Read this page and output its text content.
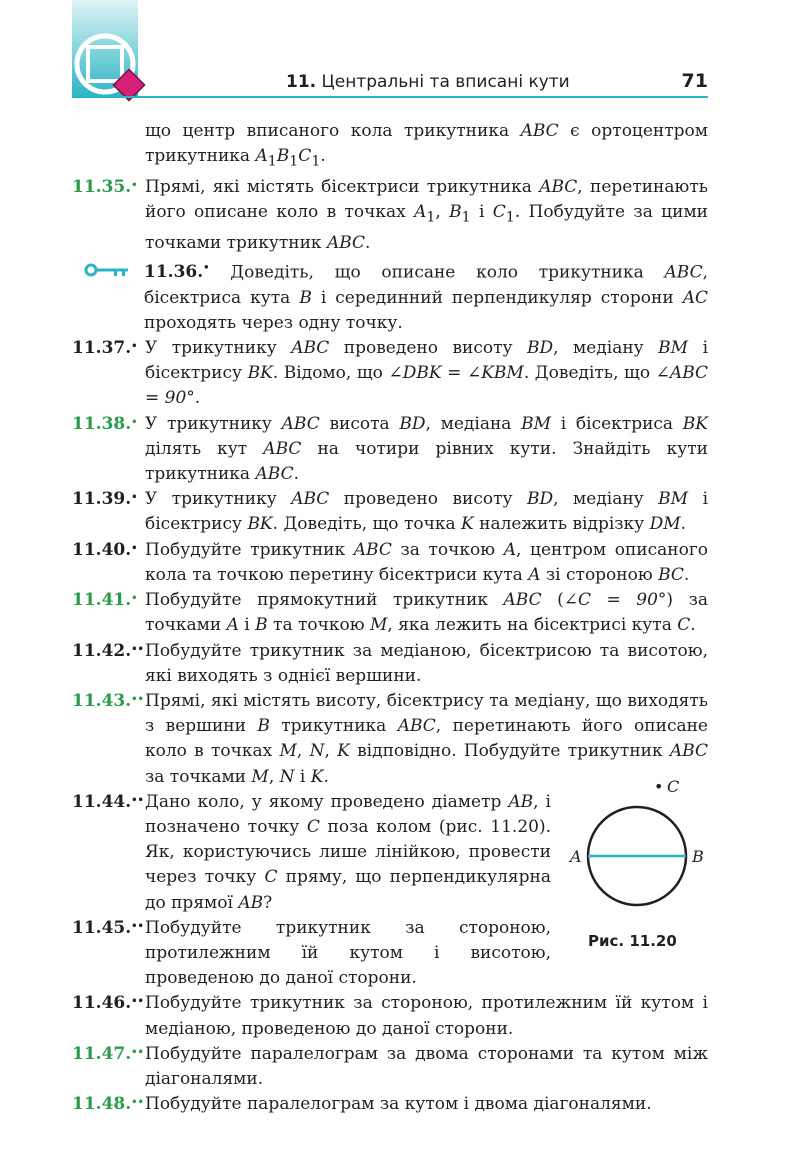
11. Центральні та вписані кути	71

що центр вписаного кола трикутника ABC є ортоцентром трикутника $A_1B_1C_1$.

11.35.• Прямі, які містять бісектриси трикутника ABC, перетинають його описане коло в точках $A_1$, $B_1$ і $C_1$. Побудуйте за цими точками трикутник ABC.

11.36.• Доведіть, що описане коло трикутника ABC, бісектриса кута B і серединний перпендикуляр сторони AC проходять через одну точку.

11.37.• У трикутнику ABC проведено висоту BD, медіану BM і бісектрису BK. Відомо, що ∠DBK = ∠KBM. Доведіть, що ∠ABC = 90°.

11.38.• У трикутнику ABC висота BD, медіана BM і бісектриса BK ділять кут ABC на чотири рівних кути. Знайдіть кути трикутника ABC.

11.39.• У трикутнику ABC проведено висоту BD, медіану BM і бісектрису BK. Доведіть, що точка K належить відрізку DM.

11.40.• Побудуйте трикутник ABC за точкою A, центром описаного кола та точкою перетину бісектриси кута A зі стороною BC.

11.41.• Побудуйте прямокутний трикутник ABC (∠C = 90°) за точками A і B та точкою M, яка лежить на бісектрисі кута C.

11.42.•• Побудуйте трикутник за медіаною, бісектрисою та висотою, які виходять з однієї вершини.

11.43.•• Прямі, які містять висоту, бісектрису та медіану, що виходять з вершини B трикутника ABC, перетинають його описане коло в точках M, N, K відповідно. Побудуйте трикутник ABC за точками M, N і K.

11.44.•• Дано коло, у якому проведено діаметр AB, і позначено точку C поза колом (рис. 11.20). Як, користуючись лише лінійкою, провести через точку C пряму, що перпендикулярна до прямої AB?

11.45.•• Побудуйте трикутник за стороною, протилежним їй кутом і висотою, проведеною до даної сторони.

11.46.•• Побудуйте трикутник за стороною, протилежним їй кутом і медіаною, проведеною до даної сторони.

11.47.•• Побудуйте паралелограм за двома сторонами та кутом між діагоналями.

11.48.•• Побудуйте паралелограм за кутом і двома діагоналями.

A	B
• C
Рис. 11.20
